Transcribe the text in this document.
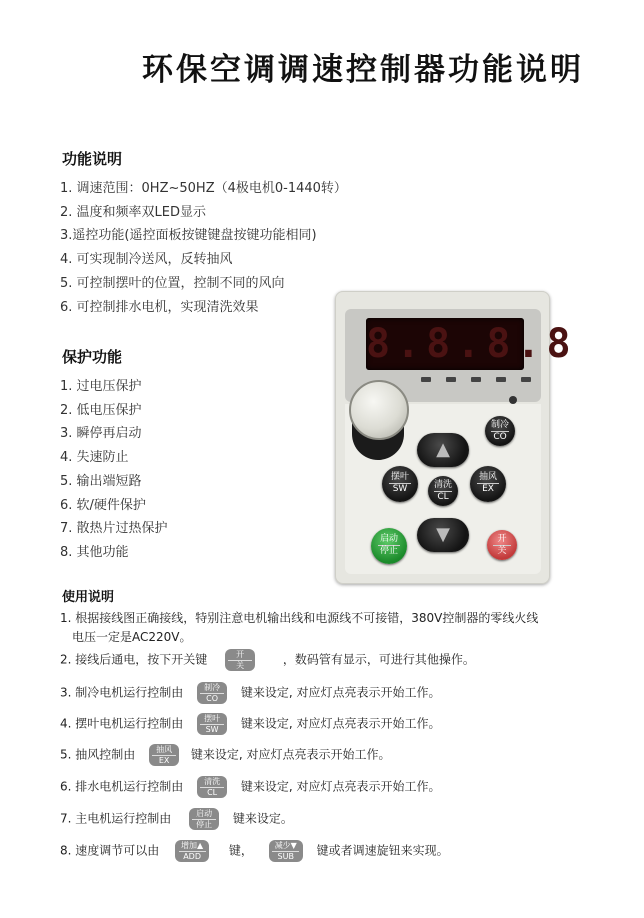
环保空调调速控制器功能说明
功能说明
1. 调速范围：0HZ~50HZ（4极电机0-1440转）
2. 温度和频率双LED显示
3.遥控功能(遥控面板按键键盘按键功能相同)
4. 可实现制冷送风，反转抽风
5. 可控制摆叶的位置，控制不同的风向
6. 可控制排水电机，实现清洗效果
保护功能
1. 过电压保护
2. 低电压保护
3. 瞬停再启动
4. 失速防止
5. 输出端短路
6. 软/硬件保护
7. 散热片过热保护
8. 其他功能
8.8.8.8
制冷
CO
▲
摆叶
SW	清洗
CL
抽风
EX
▼
启动
停止
开
关
使用说明
1. 根据接线图正确接线，特别注意电机输出线和电源线不可接错，380V控制器的零线火线
电压一定是AC220V。
2. 接线后通电，按下开关键	开
关	，数码管有显示，可进行其他操作。
3. 制冷电机运行控制由	制冷
CO 键来设定, 对应灯点亮表示开始工作。
4. 摆叶电机运行控制由	摆叶
SW 键来设定, 对应灯点亮表示开始工作。
5. 抽风控制由	抽风
EX 键来设定, 对应灯点亮表示开始工作。
6. 排水电机运行控制由	清洗
CL 键来设定, 对应灯点亮表示开始工作。
7. 主电机运行控制由	启动
停止 键来设定。
8. 速度调节可以由	增加▲
ADD 键，	减少▼
SUB 键或者调速旋钮来实现。
